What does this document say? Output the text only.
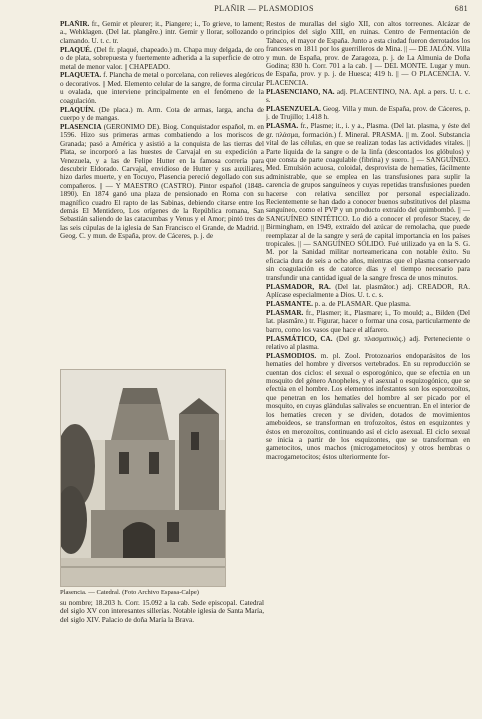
PLAÑIR — PLASMODIOS	681

PLAÑIR. fr., Gemir et pleurer; it., Piangere; i., To grieve, to lament; a., Wehklagen. (Del lat. plangĕre.) intr. Gemir y llorar, sollozando o clamando. U. t. c. tr.

PLAQUÉ. (Del fr. plaqué, chapeado.) m. Chapa muy delgada, de oro o de plata, sobrepuesta y fuertemente adherida a la superficie de otro metal de menor valor. || CHAPEADO.

PLAQUETA. f. Plancha de metal o porcelana, con relieves alegóricos o decorativos. || Med. Elemento celular de la sangre, de forma circular u ovalada, que interviene principalmente en el fenómeno de la coagulación.

PLAQUÍN. (De placa.) m. Arm. Cota de armas, larga, ancha de cuerpo y de mangas.

PLASENCIA (GERONIMO DE). Biog. Conquistador español, m. en 1596. Hizo sus primeras armas combatiendo a los moriscos de Granada; pasó a América y asistió a la conquista de las tierras del Plata, se incorporó a las huestes de Carvajal en su expedición a Venezuela, y a las de Felipe Hutter en la famosa correría para descubrir Eldorado. Carvajal, envidioso de Hutter y sus auxiliares, hizo darles muerte, y en Tocuyo, Plasencia pereció degollado con sus compañeros. || — Y MAESTRO (CASTRO). Pintor español (1848-1890). En 1874 ganó una plaza de pensionado en Roma con su magnífico cuadro El rapto de las Sabinas, debiendo citarse entre los demás El Mentidero, Los orígenes de la República romana, San Sebastián saliendo de las catacumbas y Venus y el Amor; pintó tres de las seis cúpulas de la iglesia de San Francisco el Grande, de Madrid. || Geog. C. y mun. de España, prov. de Cáceres, p. j. de

Plasencia. — Catedral. (Foto Archivo Espasa-Calpe)
su nombre; 18.203 h. Corr. 15.092 a la cab. Sede episcopal. Catedral del siglo XV con interesantes sillerías. Notable iglesia de Santa María, del siglo XIV. Palacio de doña María la Brava.

Restos de murallas del siglo XII, con altos torreones. Alcázar de principios del siglo XIII, en ruinas. Centro de Fermentación de Tabaco, el mayor de España. Junto a esta ciudad fueron derrotados los franceses en 1811 por los guerrilleros de Mina. || — DE JALÓN. Villa y mun. de España, prov. de Zaragoza, p. j. de La Almunia de Doña Godina; 830 h. Corr. 701 a la cab. || — DEL MONTE. Lugar y mun. de España, prov. y p. j. de Huesca; 419 h. || — O PLACENCIA. V. PLACENCIA.

PLASENCIANO, NA. adj. PLACENTINO, NA. Apl. a pers. U. t. c. s.

PLASENZUELA. Geog. Villa y mun. de España, prov. de Cáceres, p. j. de Trujillo; 1.418 h.

PLASMA. fr., Plasme; it., i. y a., Plasma. (Del lat. plasma, y éste del gr. πλάσμα, formación.) f. Mineral. PRASMA. || m. Zool. Substancia vital de las células, en que se realizan todas las actividades vitales. || Parte líquida de la sangre o de la linfa (descontados los glóbulos) y que consta de parte coagulable (fibrina) y suero. || — SANGUÍNEO. Med. Emulsión acuosa, coloidal, desprovista de hematíes, fácilmente administrable, que se emplea en las transfusiones para suplir la carencia de grupos sanguíneos y cuyas repetidas transfusiones pueden hacerse con relativa sencillez por personal especializado. Recientemente se han dado a conocer buenos substitutivos del plasma sanguíneo, como el PVP y un producto extraído del quimbombó. || — SANGUÍNEO SINTÉTICO. Lo dió a conocer el profesor Stacey, de Birmingham, en 1949, extraído del azúcar de remolacha, que puede reemplazar al de la sangre y será de capital importancia en los países tropicales. || — SANGUÍNEO SÓLIDO. Fué utilizado ya en la S. G. M. por la Sanidad militar norteamericana con notable éxito. Su eficacia dura de seis a ocho años, mientras que el plasma conservado sin coagulación es de catorce días y el tiempo necesario para transfundir una cantidad igual de la sangre fresca de unos minutos.

PLASMADOR, RA. (Del lat. plasmātor.) adj. CREADOR, RA. Aplícase especialmente a Dios. U. t. c. s.

PLASMANTE. p. a. de PLASMAR. Que plasma.

PLASMAR. fr., Plasmer; it., Plasmare; i., To mould; a., Bilden (Del lat. plasmāre.) tr. Figurar, hacer o formar una cosa, particularmente de barro, como los vasos que hace el alfarero.

PLASMÁTICO, CA. (Del gr. πλασματικός.) adj. Perteneciente o relativo al plasma.

PLASMODIOS. m. pl. Zool. Protozoarios endoparásitos de los hematíes del hombre y diversos vertebrados. En su reproducción se cuentan dos ciclos: el sexual o esporogónico, que se efectúa en un mosquito del género Anopheles, y el asexual o esquizogónico, que se efectúa en el hombre. Los elementos infestantes son los esporozoítos, que penetran en los hematíes del hombre al ser picado por el mosquito, en cuyas glándulas salivales se encuentran. En el interior de los hematíes crecen y se dividen, dotados de movimientos ameboideos, se transforman en trofozoítos, éstos en esquizontes y éstos en merozoítos, continuando así el ciclo asexual. El ciclo sexual se inicia a partir de los esquizontes, que se transforman en gametocitos, unos machos (microgametocitos) y otros hembras o macrogametocitos; éstos ulteriormente for-
